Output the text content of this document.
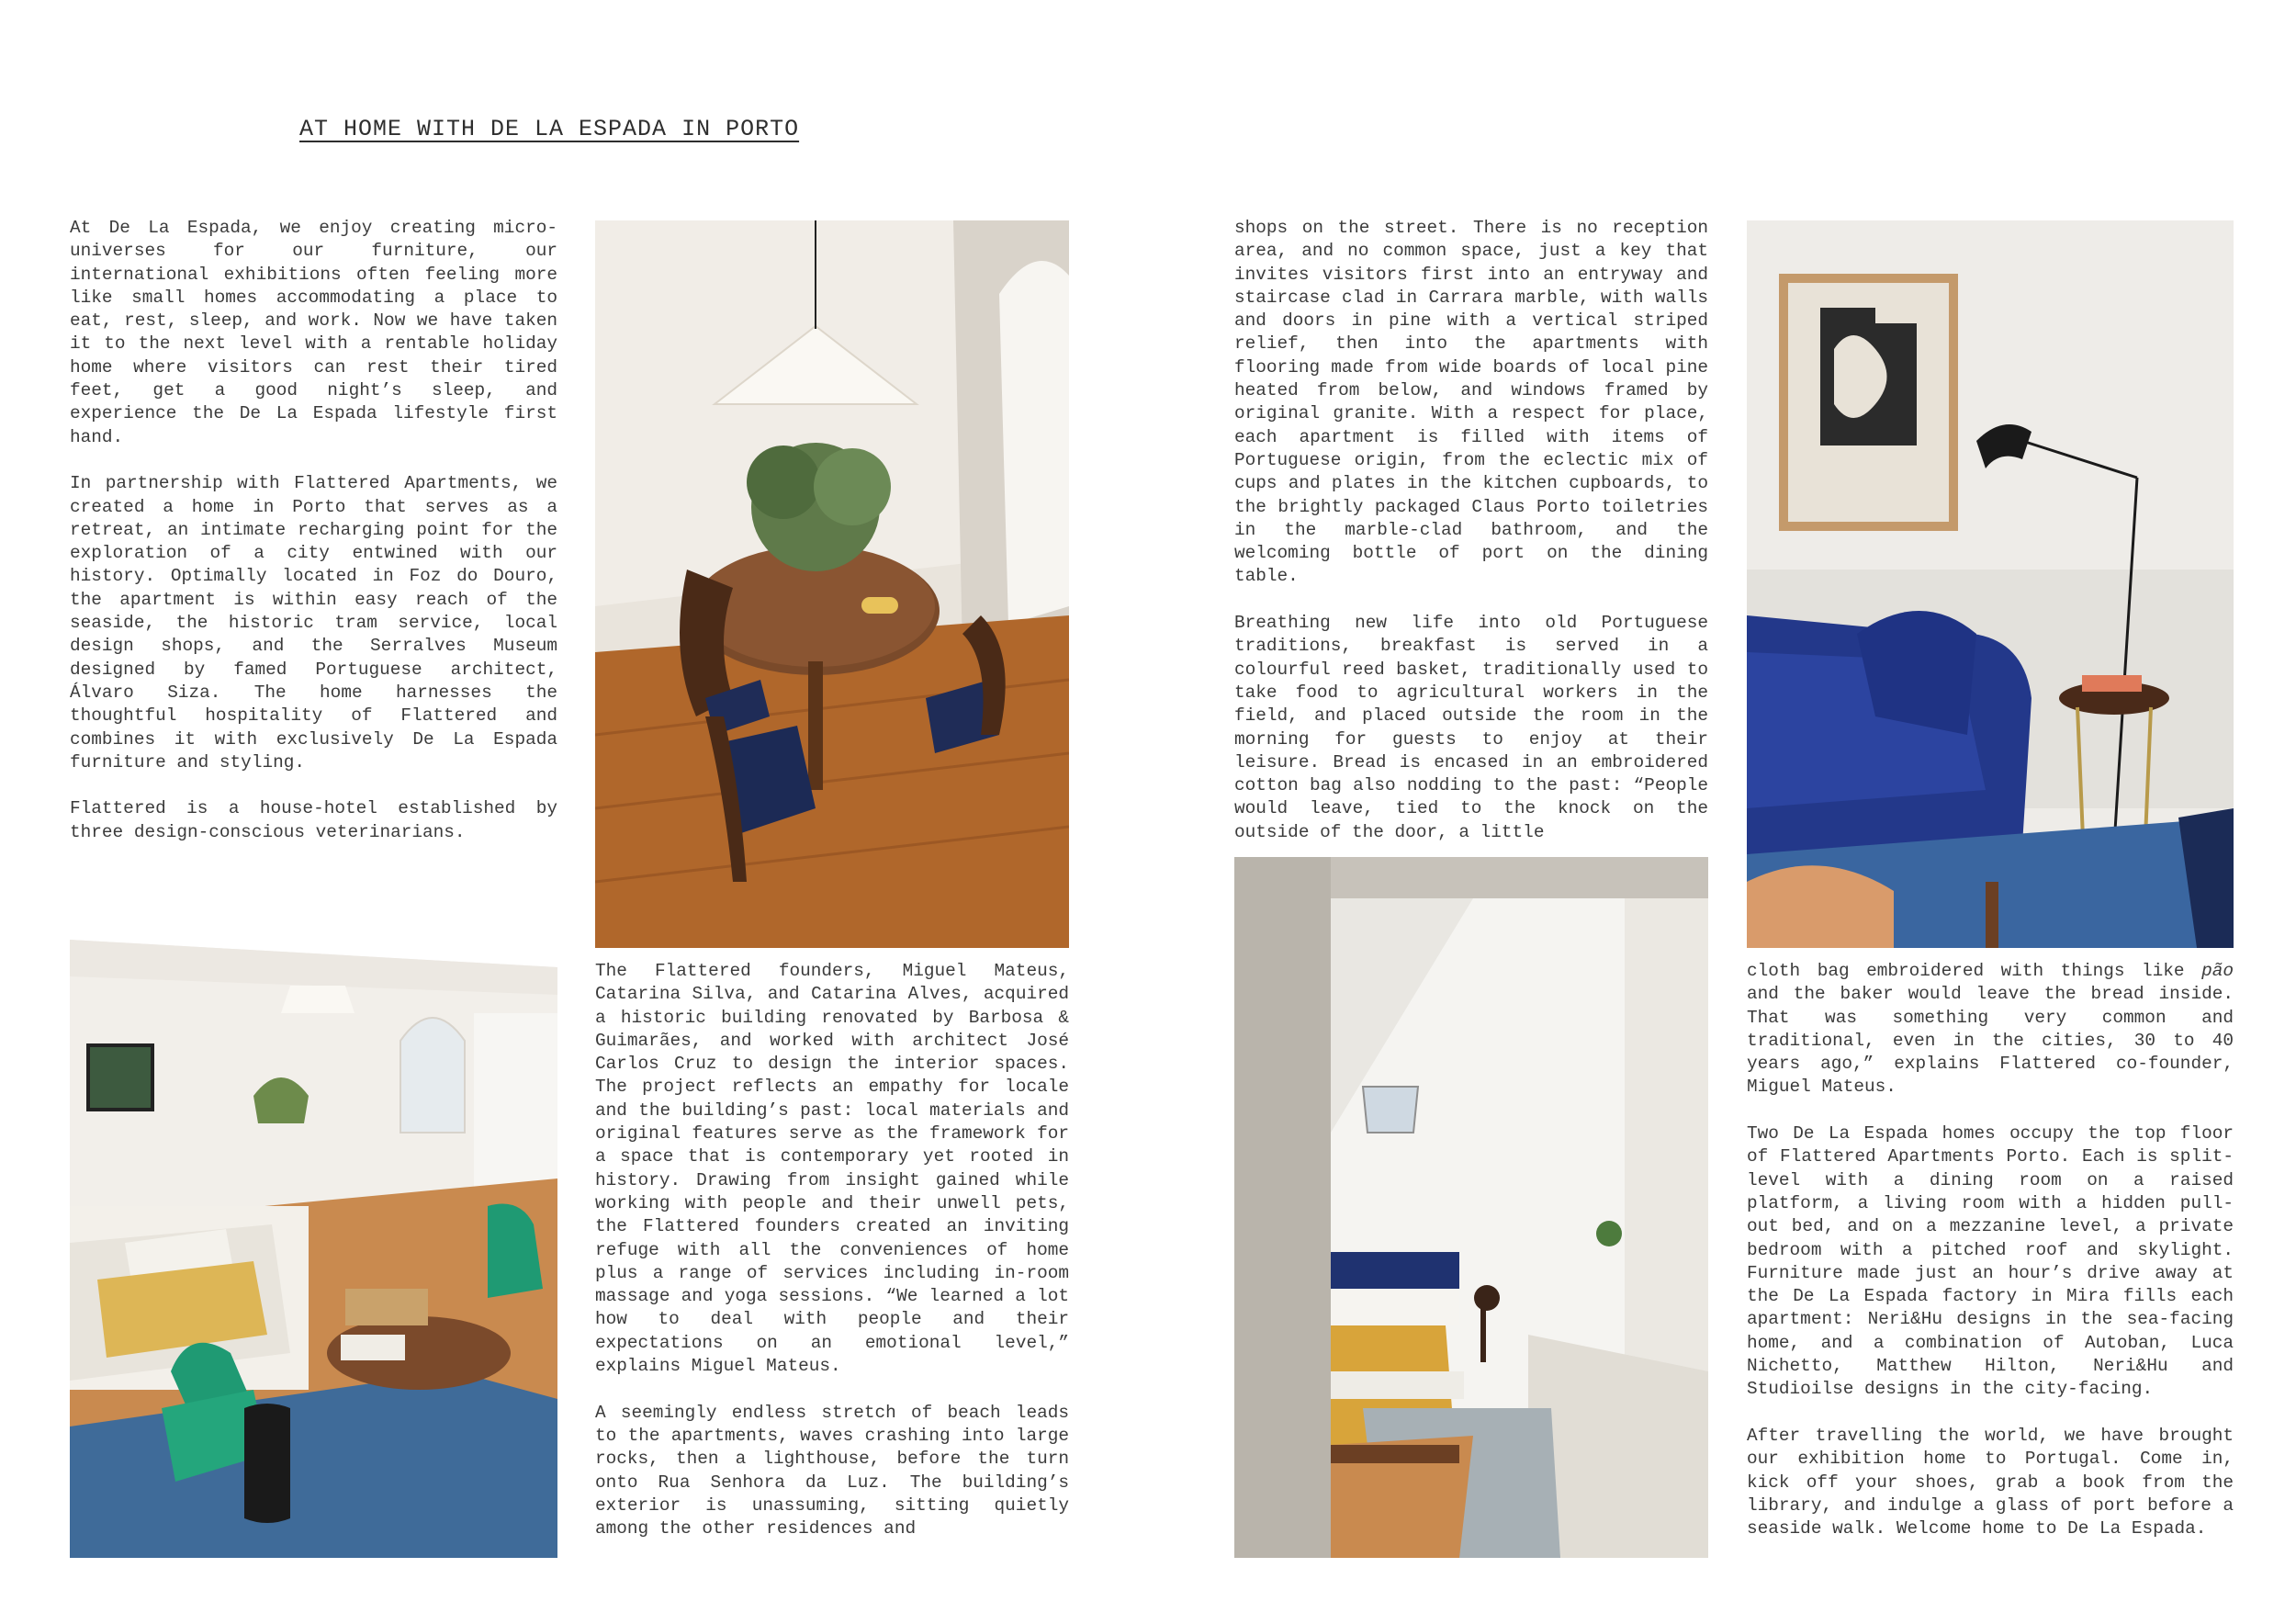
AT HOME WITH DE LA ESPADA IN PORTO

At De La Espada, we enjoy creating micro-universes for our furniture, our international exhibitions often feeling more like small homes accommodating a place to eat, rest, sleep, and work. Now we have taken it to the next level with a rentable holiday home where visitors can rest their tired feet, get a good night’s sleep, and experience the De La Espada lifestyle first hand.

In partnership with Flattered Apartments, we created a home in Porto that serves as a retreat, an intimate recharging point for the exploration of a city entwined with our history. Optimally located in Foz do Douro, the apartment is within easy reach of the seaside, the historic tram service, local design shops, and the Serralves Museum designed by famed Portuguese architect, Álvaro Siza. The home harnesses the thoughtful hospitality of Flattered and combines it with exclusively De La Espada furniture and styling.

Flattered is a house-hotel established by three design-conscious veterinarians.

The Flattered founders, Miguel Mateus, Catarina Silva, and Catarina Alves, acquired a historic building renovated by Barbosa & Guimarães, and worked with architect José Carlos Cruz to design the interior spaces. The project reflects an empathy for locale and the building’s past: local materials and original features serve as the framework for a space that is contemporary yet rooted in history. Drawing from insight gained while working with people and their unwell pets, the Flattered founders created an inviting refuge with all the conveniences of home plus a range of services including in-room massage and yoga sessions. “We learned a lot how to deal with people and their expectations on an emotional level,” explains Miguel Mateus.

A seemingly endless stretch of beach leads to the apartments, waves crashing into large rocks, then a lighthouse, before the turn onto Rua Senhora da Luz. The building’s exterior is unassuming, sitting quietly among the other residences and

shops on the street. There is no reception area, and no common space, just a key that invites visitors first into an entryway and staircase clad in Carrara marble, with walls and doors in pine with a vertical striped relief, then into the apartments with flooring made from wide boards of local pine heated from below, and windows framed by original granite. With a respect for place, each apartment is filled with items of Portuguese origin, from the eclectic mix of cups and plates in the kitchen cupboards, to the brightly packaged Claus Porto toiletries in the marble-clad bathroom, and the welcoming bottle of port on the dining table.

Breathing new life into old Portuguese traditions, breakfast is served in a colourful reed basket, traditionally used to take food to agricultural workers in the field, and placed outside the room in the morning for guests to enjoy at their leisure. Bread is encased in an embroidered cotton bag also nodding to the past: “People would leave, tied to the knock on the outside of the door, a little

cloth bag embroidered with things like pão and the baker would leave the bread inside. That was something very common and traditional, even in the cities, 30 to 40 years ago,” explains Flattered co-founder, Miguel Mateus.

Two De La Espada homes occupy the top floor of Flattered Apartments Porto. Each is split-level with a dining room on a raised platform, a living room with a hidden pull-out bed, and on a mezzanine level, a private bedroom with a pitched roof and skylight. Furniture made just an hour’s drive away at the De La Espada factory in Mira fills each apartment: Neri&Hu designs in the sea-facing home, and a combination of Autoban, Luca Nichetto, Matthew Hilton, Neri&Hu and Studioilse designs in the city-facing.

After travelling the world, we have brought our exhibition home to Portugal. Come in, kick off your shoes, grab a book from the library, and indulge a glass of port before a seaside walk. Welcome home to De La Espada.
